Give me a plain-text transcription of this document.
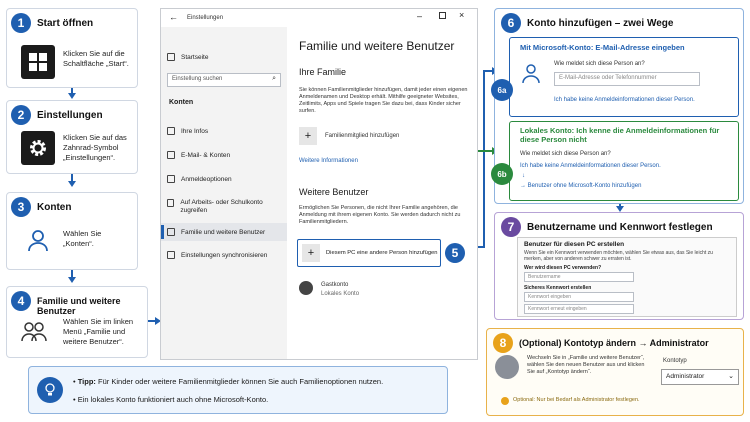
1	Start öffnen
Klicken Sie auf die Schaltfläche „Start“.
2	Einstellungen
Klicken Sie auf das Zahnrad-Symbol „Einstellungen“.
3	Konten
Wählen Sie „Konten“.
4	Familie und weitere Benutzer
Wählen Sie im linken Menü „Familie und weitere Benutzer“.
← Einstellungen	–	×
Startseite
Einstellung suchen	⌕
Konten
Ihre Infos
E-Mail- & Konten
Anmeldeoptionen
Auf Arbeits- oder Schulkonto zugreifen
Familie und weitere Benutzer
Einstellungen synchronisieren
Familie und weitere Benutzer
Ihre Familie
Sie können Familienmitglieder hinzufügen, damit jeder einen eigenen Anmeldenamen und Desktop erhält. Mithilfe geeigneter Websites, Zeitlimits, Apps und Spiele tragen Sie dazu bei, dass Kinder sicher surfen.
+	Familienmitglied hinzufügen
Weitere Informationen
Weitere Benutzer
Ermöglichen Sie Personen, die nicht Ihrer Familie angehören, die Anmeldung mit ihrem eigenen Konto. Sie werden dadurch nicht zu Familienmitgliedern.
+	Diesem PC eine andere Person hinzufügen	5
Gastkonto
Lokales Konto
6	Konto hinzufügen – zwei Wege
Mit Microsoft-Konto: E-Mail-Adresse eingeben
Wie meldet sich diese Person an?
E-Mail-Adresse oder Telefonnummer
Ich habe keine Anmeldeinformationen dieser Person.
6a
Lokales Konto: Ich kenne die Anmeldeinformationen für diese Person nicht
Wie meldet sich diese Person an?
Ich habe keine Anmeldeinformationen dieser Person.
↓
→ Benutzer ohne Microsoft-Konto hinzufügen
6b
7	Benutzername und Kennwort festlegen
Benutzer für diesen PC erstellen
Wenn Sie ein Kennwort verwenden möchten, wählen Sie etwas aus, das Sie leicht zu merken, aber von anderen schwer zu erraten ist.
Wer wird diesen PC verwenden?
Benutzername
Sicheres Kennwort erstellen
Kennwort eingeben
Kennwort erneut eingeben
8	(Optional) Kontotyp ändern → Administrator
Wechseln Sie in „Familie und weitere Benutzer“, wählen Sie den neuen Benutzer aus und klicken Sie auf „Kontotyp ändern“.
Kontotyp
Administrator	⌄
Optional: Nur bei Bedarf als Administrator festlegen.
• Tipp: Für Kinder oder weitere Familienmitglieder können Sie auch Familienoptionen nutzen.
• Ein lokales Konto funktioniert auch ohne Microsoft-Konto.
